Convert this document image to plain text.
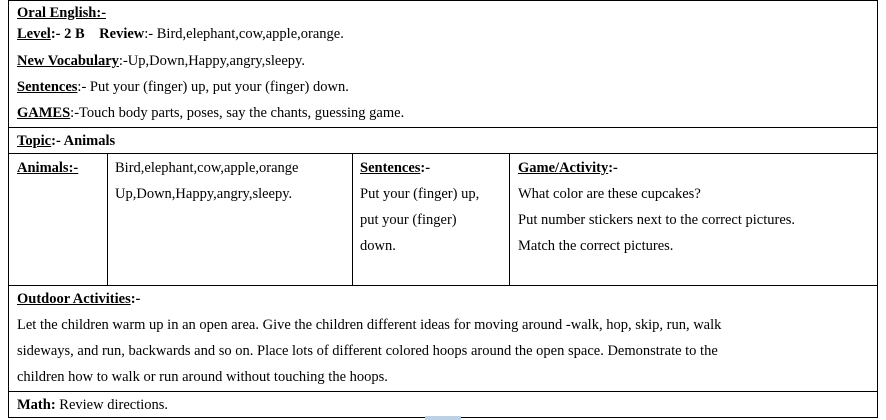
Oral English:-
Level:- 2 B Review:- Bird,elephant,cow,apple,orange.
New Vocabulary:-Up,Down,Happy,angry,sleepy.
Sentences:- Put your (finger) up, put your (finger) down.
GAMES:-Touch body parts, poses, say the chants, guessing game.
Topic:- Animals
Animals:-	Bird,elephant,cow,apple,orange
Up,Down,Happy,angry,sleepy.
Sentences:-
Put your (finger) up,
put your (finger)
down.
Game/Activity:-
What color are these cupcakes?
Put number stickers next to the correct pictures.
Match the correct pictures.
Outdoor Activities:-
Let the children warm up in an open area. Give the children different ideas for moving around -walk, hop, skip, run, walk
sideways, and run, backwards and so on. Place lots of different colored hoops around the open space. Demonstrate to the
children how to walk or run around without touching the hoops.
Math: Review directions.
